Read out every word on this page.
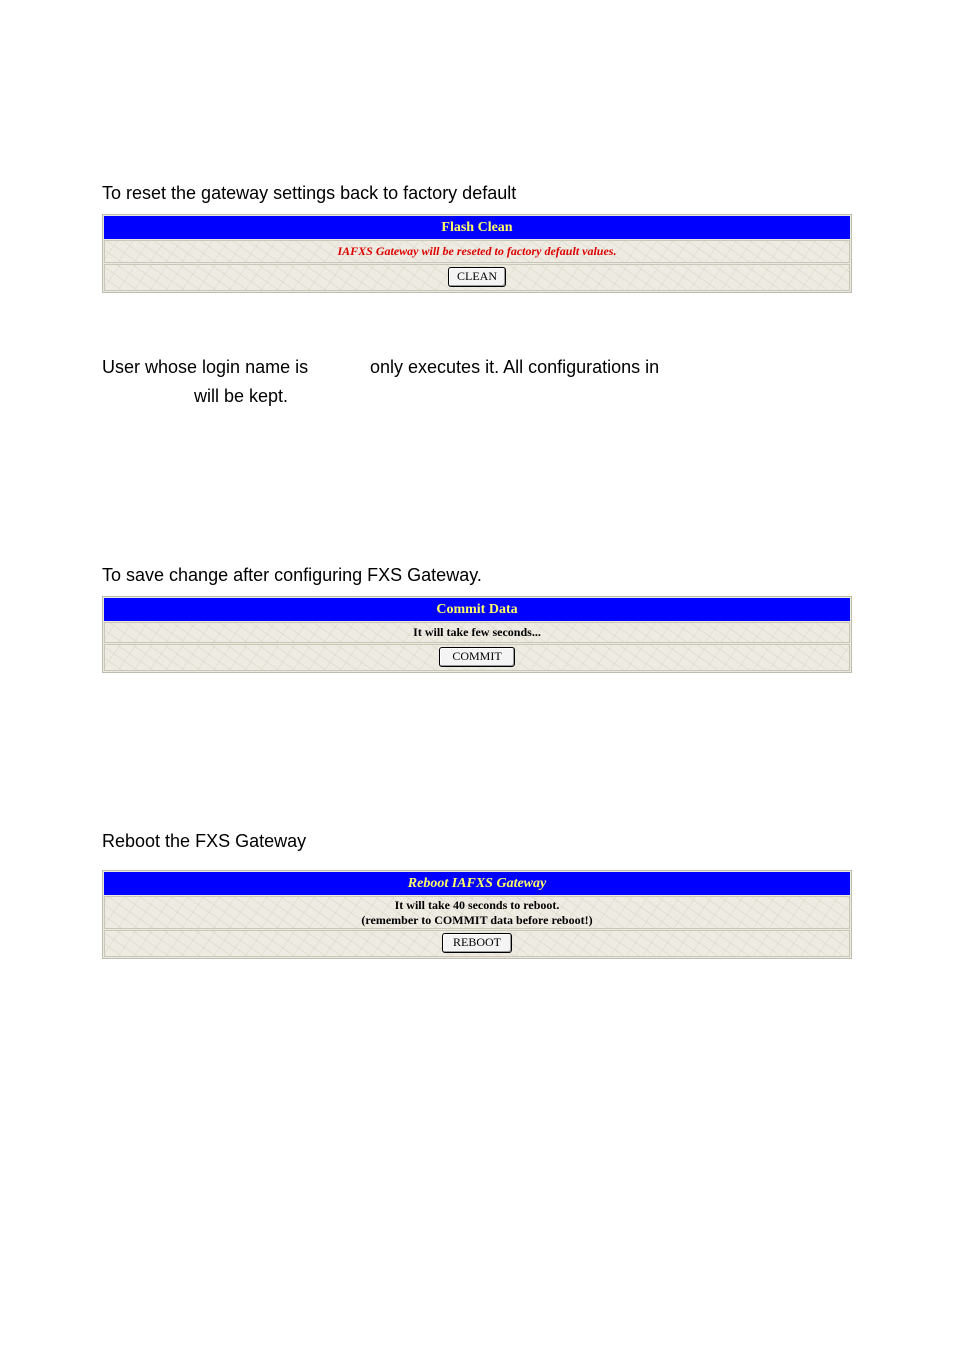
To reset the gateway settings back to factory default
Flash Clean
IAFXS Gateway will be reseted to factory default values.
CLEAN
User whose login name is	only executes it. All configurations in
will be kept.
To save change after configuring FXS Gateway.
Commit Data
It will take few seconds...
COMMIT
Reboot the FXS Gateway
Reboot IAFXS Gateway
It will take 40 seconds to reboot.
(remember to COMMIT data before reboot!)
REBOOT
